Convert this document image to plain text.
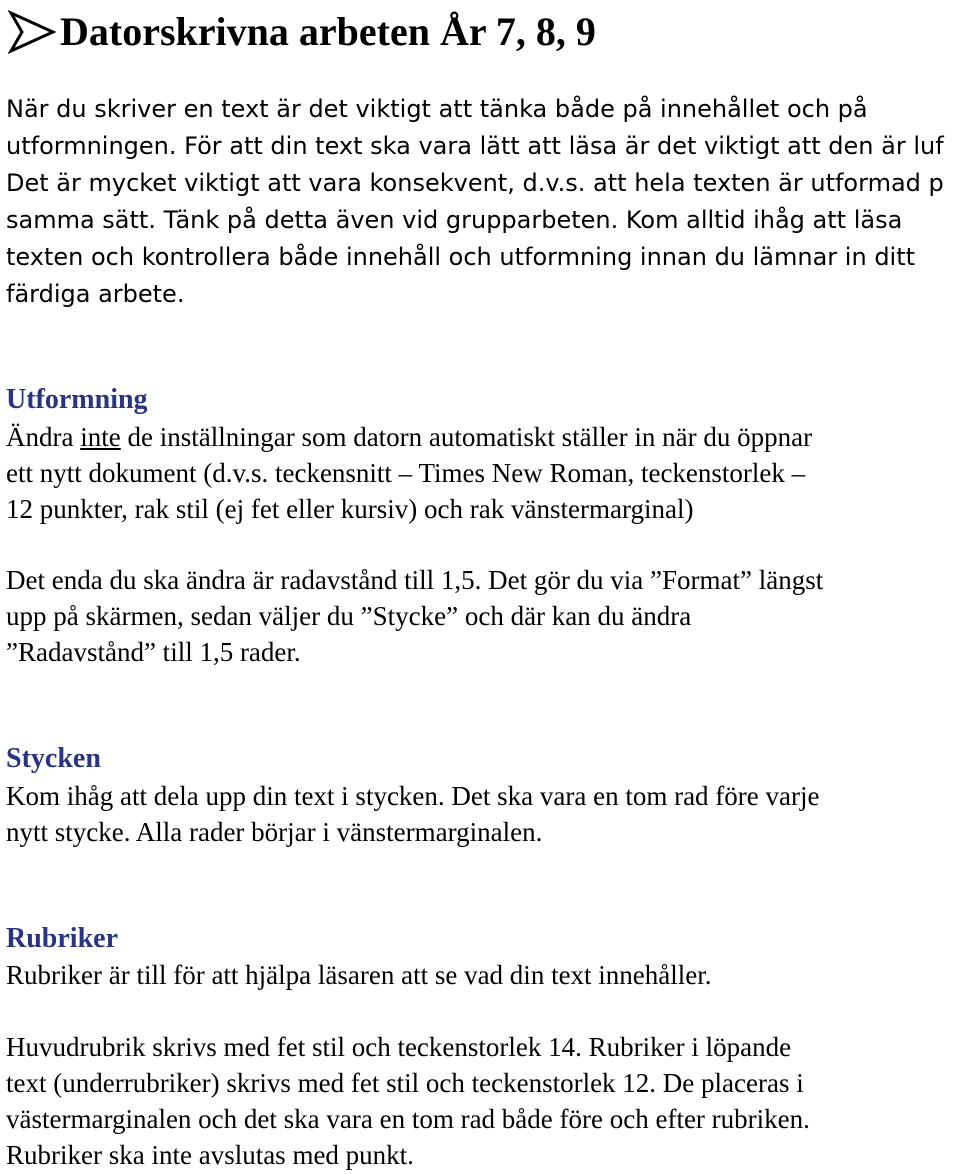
Datorskrivna arbeten År 7, 8, 9
När du skriver en text är det viktigt att tänka både på innehållet och på
utformningen. För att din text ska vara lätt att läsa är det viktigt att den är luf
Det är mycket viktigt att vara konsekvent, d.v.s. att hela texten är utformad p
samma sätt. Tänk på detta även vid grupparbeten. Kom alltid ihåg att läsa
texten och kontrollera både innehåll och utformning innan du lämnar in ditt
färdiga arbete.
Utformning
Ändra inte de inställningar som datorn automatiskt ställer in när du öppnar
ett nytt dokument (d.v.s. teckensnitt – Times New Roman, teckenstorlek –
12 punkter, rak stil (ej fet eller kursiv) och rak vänstermarginal)
Det enda du ska ändra är radavstånd till 1,5. Det gör du via ”Format” längst
upp på skärmen, sedan väljer du ”Stycke” och där kan du ändra
”Radavstånd” till 1,5 rader.
Stycken
Kom ihåg att dela upp din text i stycken. Det ska vara en tom rad före varje
nytt stycke. Alla rader börjar i vänstermarginalen.
Rubriker
Rubriker är till för att hjälpa läsaren att se vad din text innehåller.
Huvudrubrik skrivs med fet stil och teckenstorlek 14. Rubriker i löpande
text (underrubriker) skrivs med fet stil och teckenstorlek 12. De placeras i
västermarginalen och det ska vara en tom rad både före och efter rubriken.
Rubriker ska inte avslutas med punkt.
